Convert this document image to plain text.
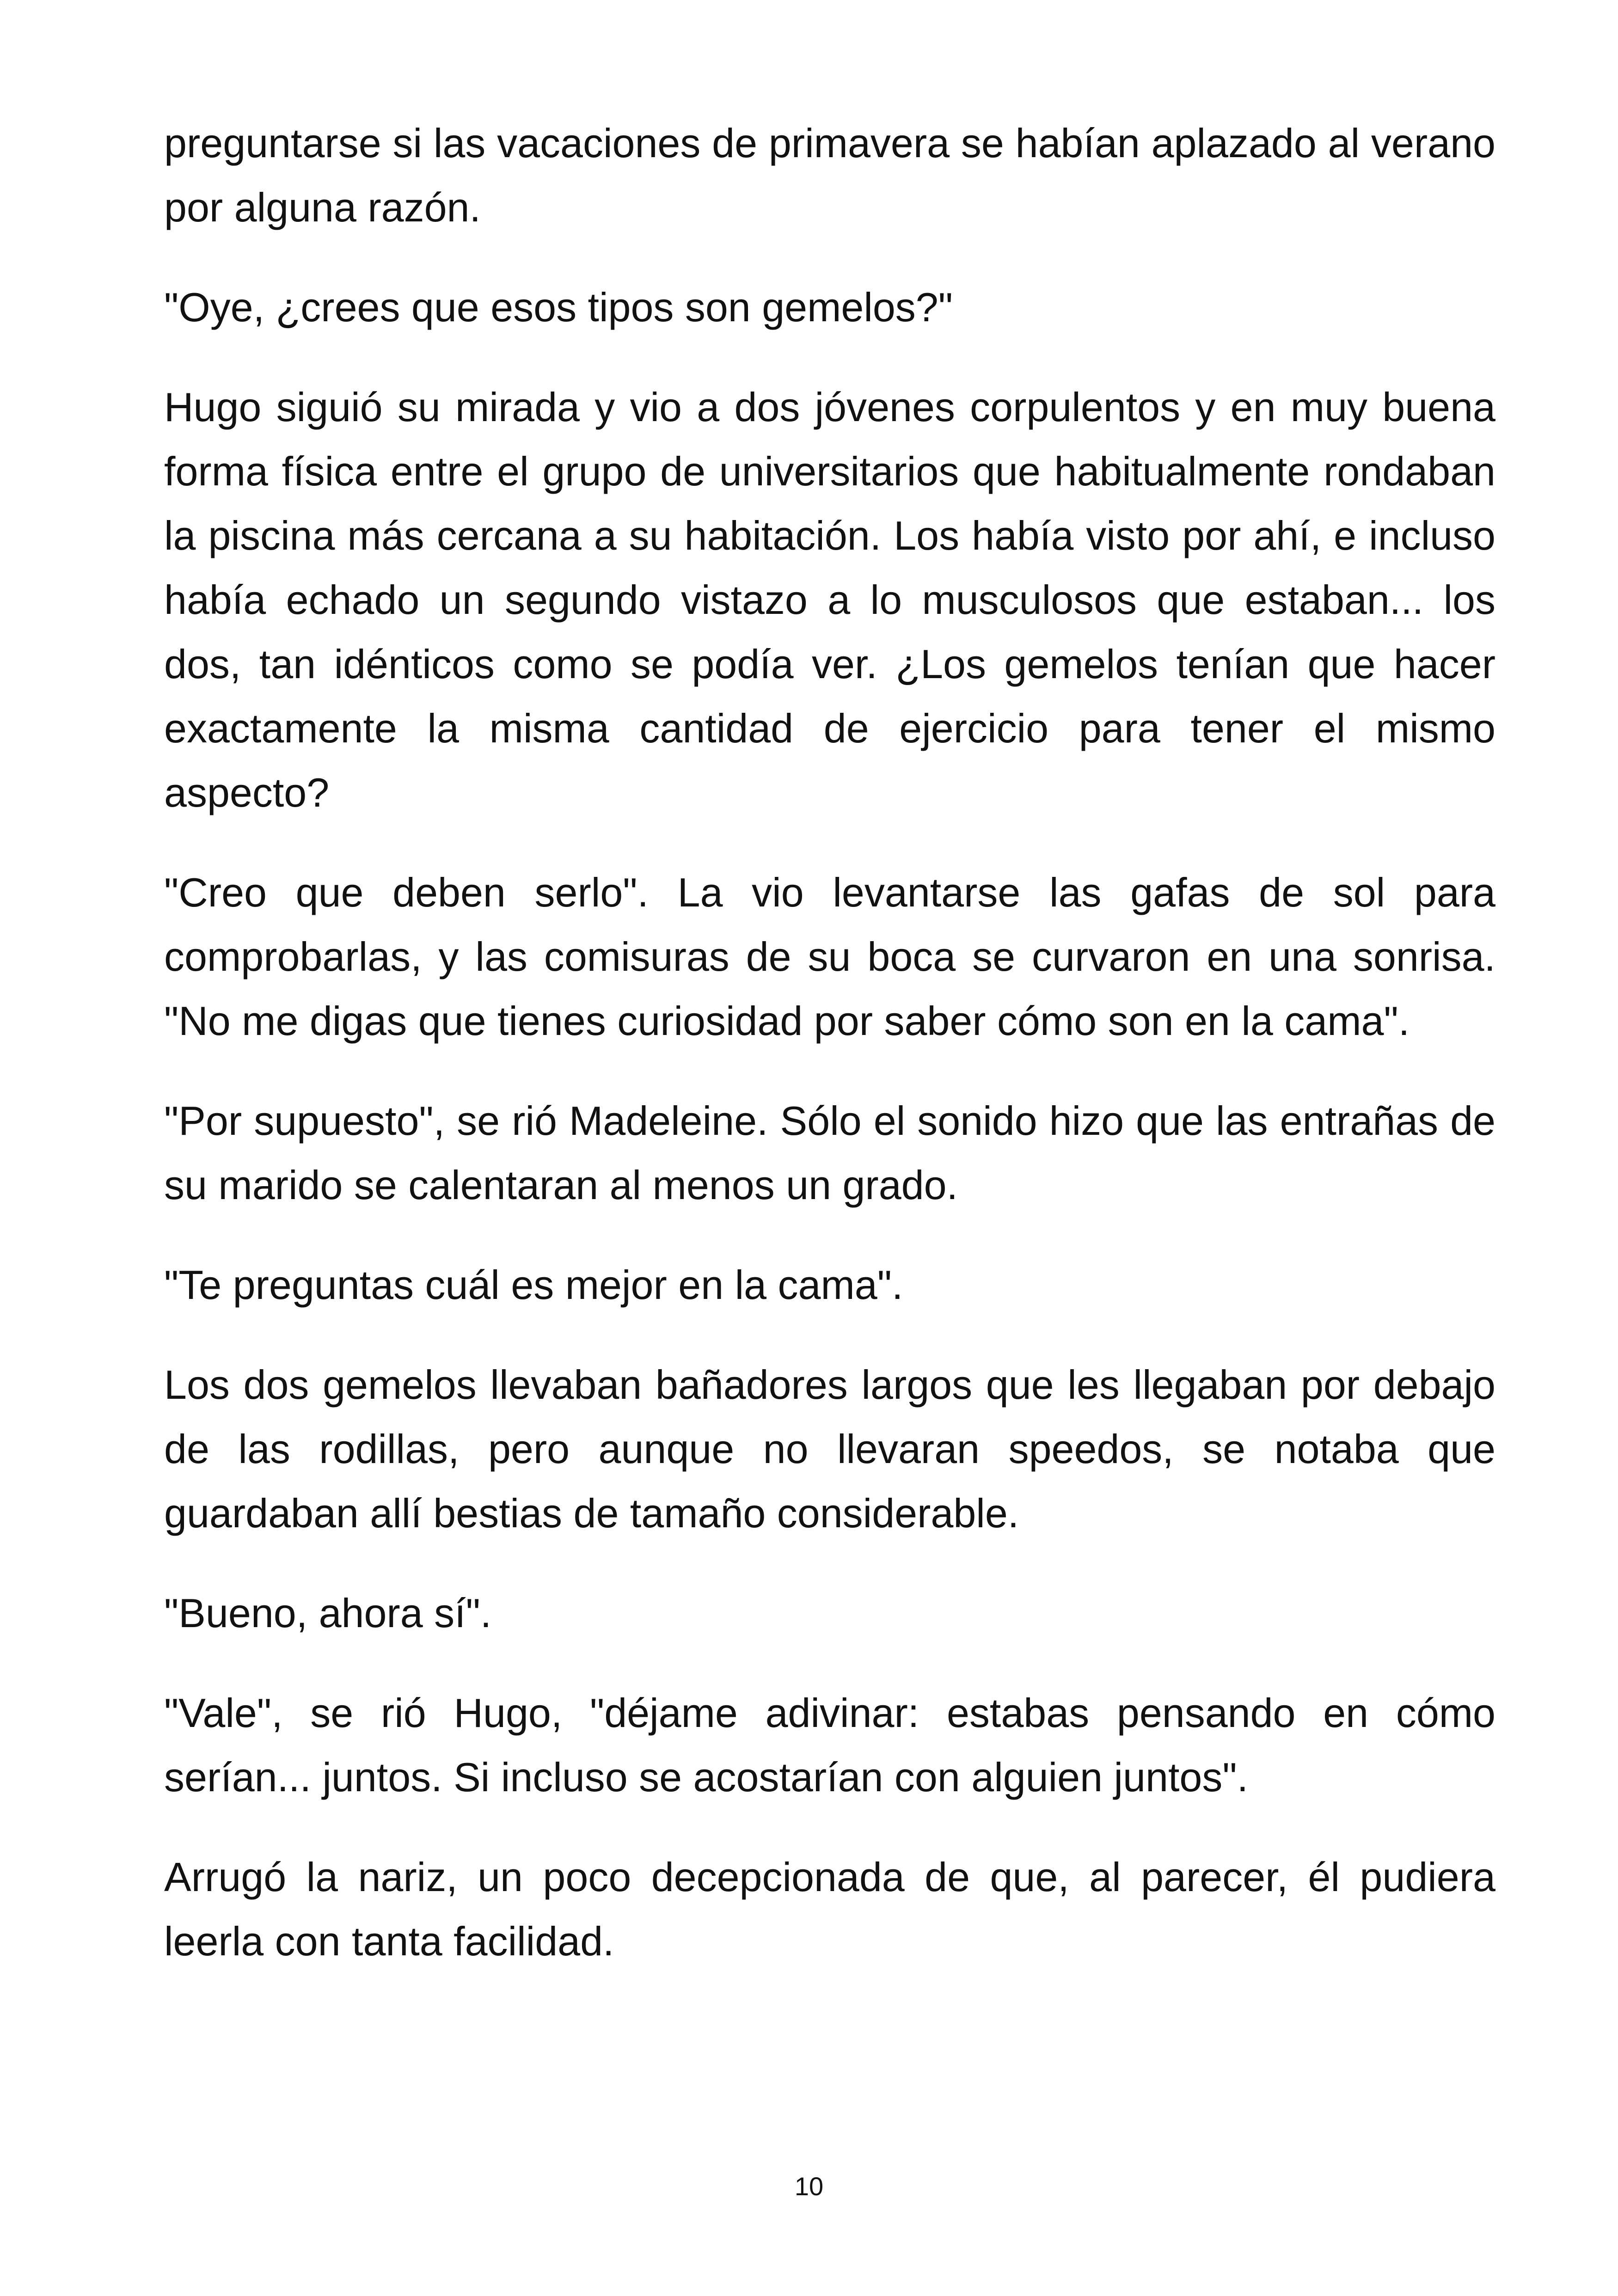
preguntarse si las vacaciones de primavera se habían aplazado al verano por alguna razón.

"Oye, ¿crees que esos tipos son gemelos?"

Hugo siguió su mirada y vio a dos jóvenes corpulentos y en muy buena forma física entre el grupo de universitarios que habitualmente rondaban la piscina más cercana a su habitación. Los había visto por ahí, e incluso había echado un segundo vistazo a lo musculosos que estaban... los dos, tan idénticos como se podía ver. ¿Los gemelos tenían que hacer exactamente la misma cantidad de ejercicio para tener el mismo aspecto?

"Creo que deben serlo". La vio levantarse las gafas de sol para comprobarlas, y las comisuras de su boca se curvaron en una sonrisa. "No me digas que tienes curiosidad por saber cómo son en la cama".

"Por supuesto", se rió Madeleine. Sólo el sonido hizo que las entrañas de su marido se calentaran al menos un grado.

"Te preguntas cuál es mejor en la cama".

Los dos gemelos llevaban bañadores largos que les llegaban por debajo de las rodillas, pero aunque no llevaran speedos, se notaba que guardaban allí bestias de tamaño considerable.

"Bueno, ahora sí".

"Vale", se rió Hugo, "déjame adivinar: estabas pensando en cómo serían... juntos. Si incluso se acostarían con alguien juntos".

Arrugó la nariz, un poco decepcionada de que, al parecer, él pudiera leerla con tanta facilidad.

10
